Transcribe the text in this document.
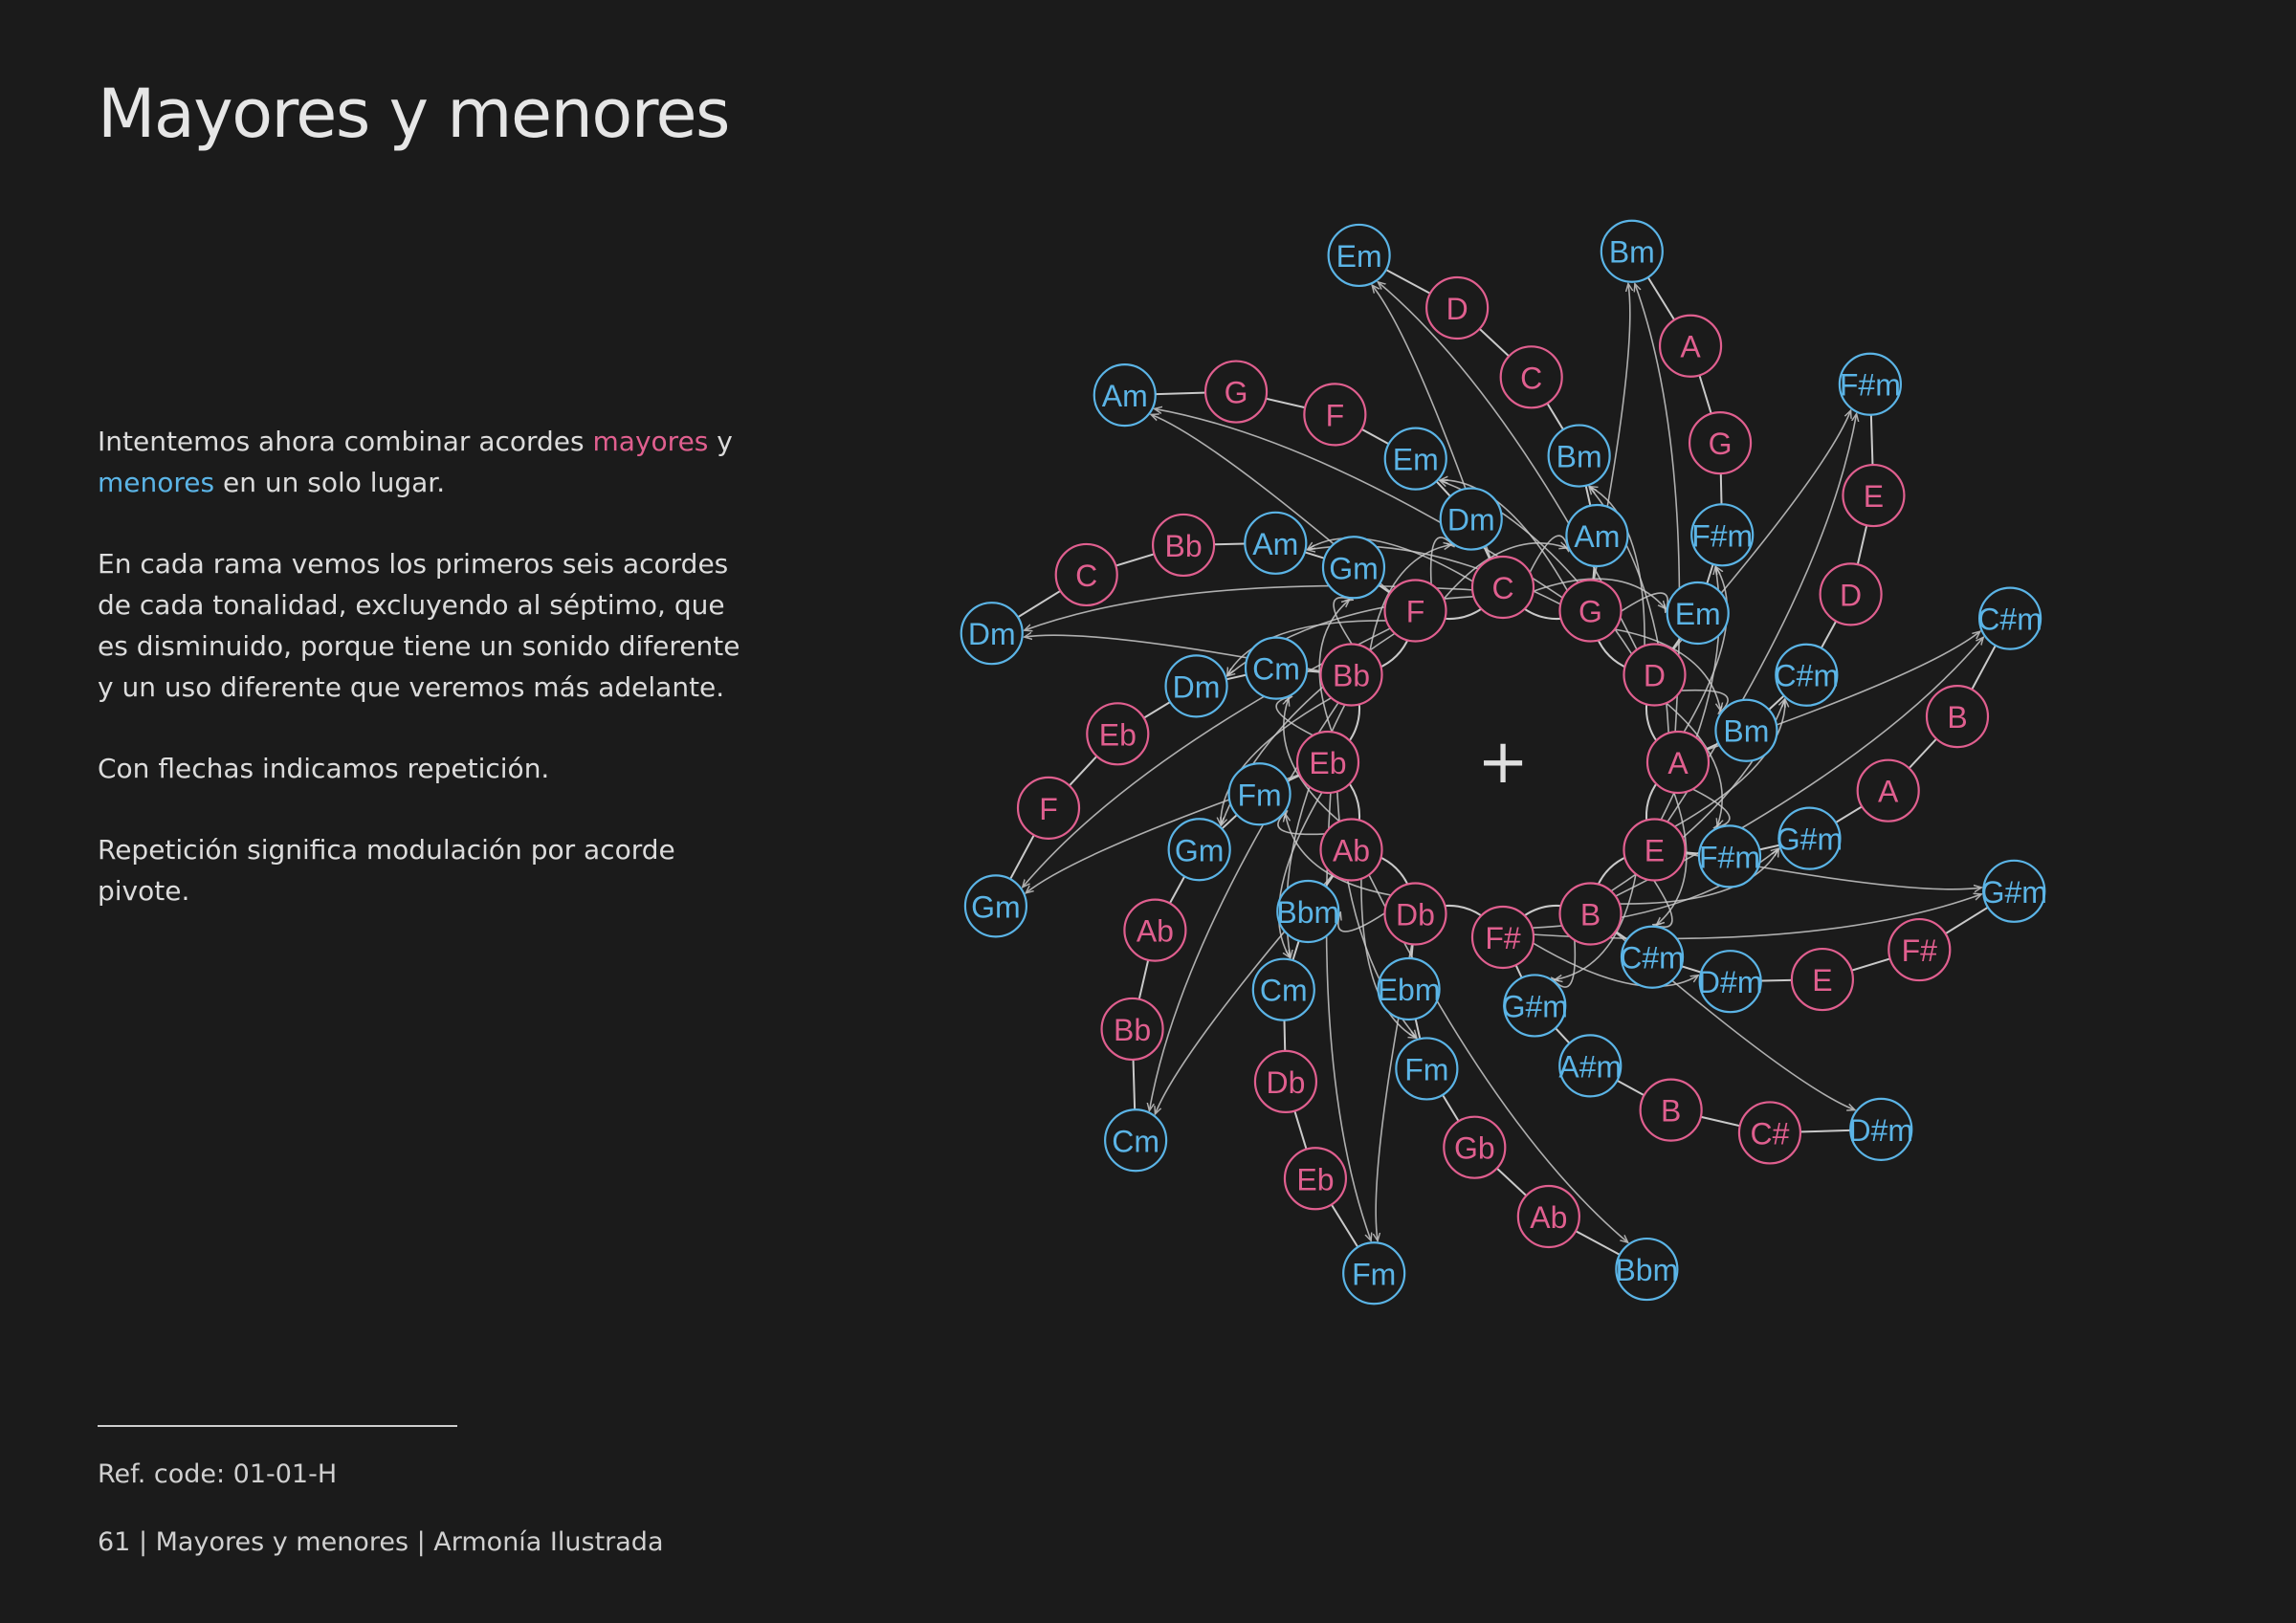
Mayores y menores

Intentemos ahora combinar acordes mayores y
menores en un solo lugar.

En cada rama vemos los primeros seis acordes de cada tonalidad, excluyendo al séptimo, que es disminuido, porque tiene un sonido diferente y un uso diferente que veremos más adelante.

Con flechas indicamos repetición.

Repetición significa modulación por acorde pivote.

Ref. code: 01-01-H
61 | Mayores y menores | Armonía Ilustrada
C
Dm
Em
F
G
Am
G
Am
Bm
C
D
Em
D
Em
F#m
G
A
Bm
A
Bm
C#m
D
E
F#m
E F#m
G#m
A
B
C#m
B
C#m
D#m E
F#
G#m
F#
G#m
A#m
B
C# D#m
Db
Ebm
Fm
Gb
Ab
Bbm
Ab
Bbm
Cm
Db
Eb
Fm
Eb
Fm
Gm
Ab
Bb
Cm
Bb
Cm
Dm
Eb
F
Gm
F
Gm
Am
Bb
C
Dm
+
